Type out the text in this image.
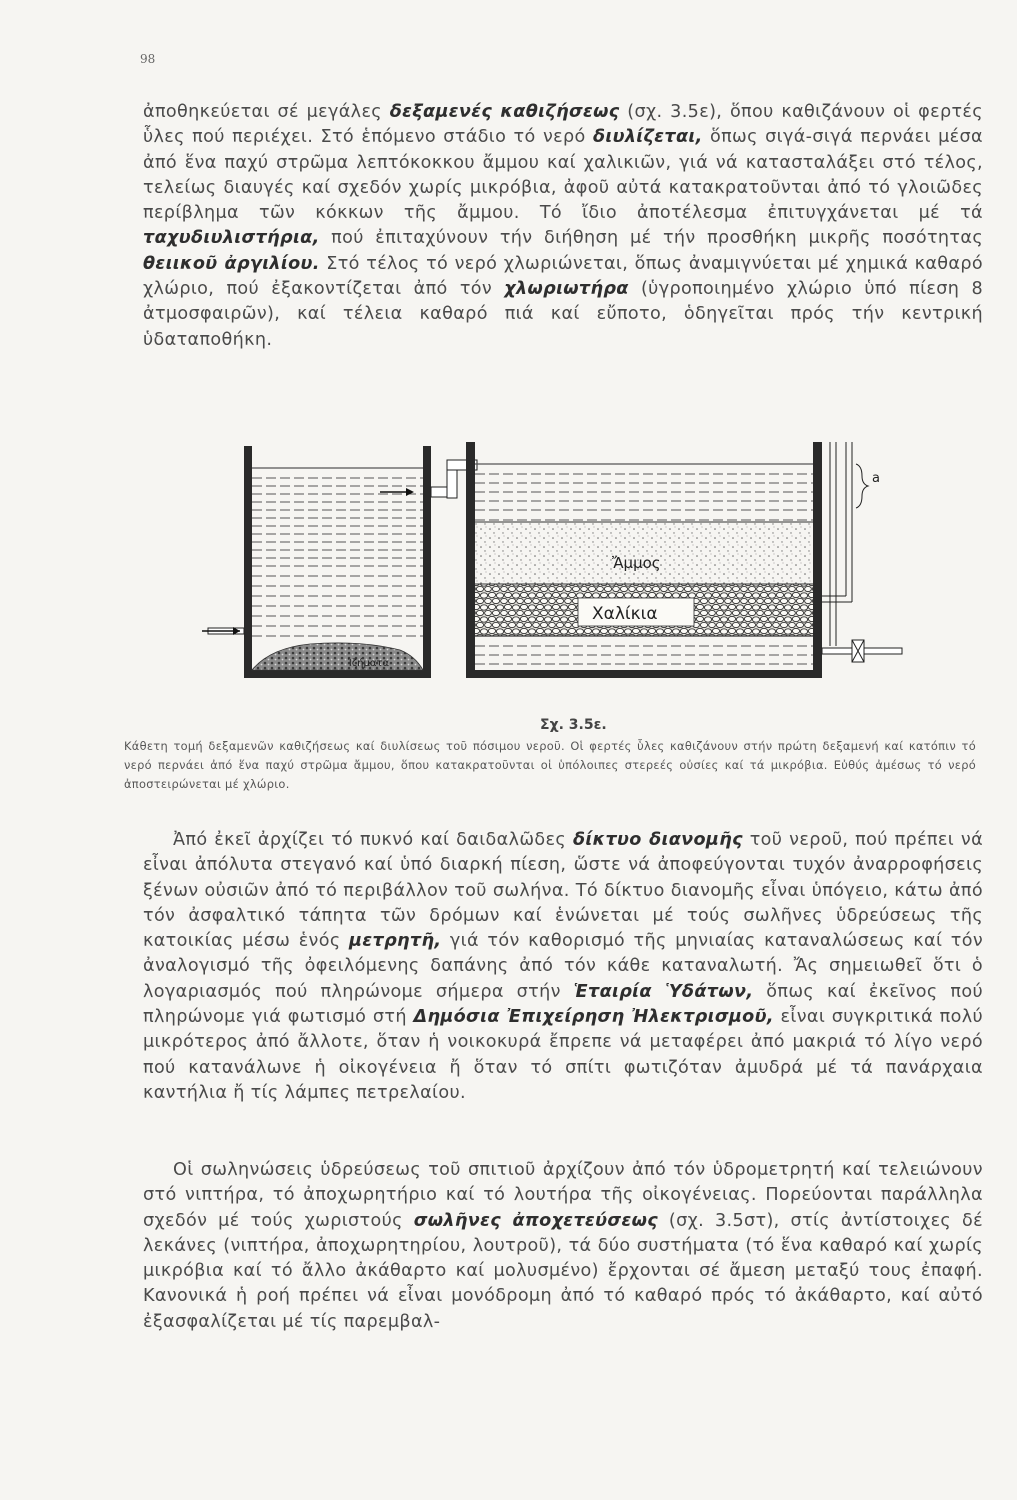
98

ἀποθηκεύεται σέ μεγάλες δεξαμενές καθιζήσεως (σχ. 3.5ε), ὅπου καθιζάνουν οἱ φερτές ὗλες πού περιέχει. Στό ἑπόμενο στάδιο τό νερό διυλίζεται, ὅπως σιγά-σιγά περνάει μέσα ἀπό ἕνα παχύ στρῶμα λεπτόκοκκου ἄμμου καί χαλικιῶν, γιά νά κατασταλάξει στό τέλος, τελείως διαυγές καί σχεδόν χωρίς μικρόβια, ἀφοῦ αὐτά κατακρατοῦνται ἀπό τό γλοιῶδες περίβλημα τῶν κόκκων τῆς ἄμμου. Τό ἴδιο ἀποτέλεσμα ἐπιτυγχάνεται μέ τά ταχυδιυλιστήρια, πού ἐπιταχύνουν τήν διήθηση μέ τήν προσθήκη μικρῆς ποσότητας θειικοῦ ἀργιλίου. Στό τέλος τό νερό χλωριώνεται, ὅπως ἀναμιγνύεται μέ χημικά καθαρό χλώριο, πού ἐξακοντίζεται ἀπό τόν χλωριωτήρα (ὑγροποιημένο χλώριο ὑπό πίεση 8 ἀτμοσφαιρῶν), καί τέλεια καθαρό πιά καί εὔποτο, ὁδηγεῖται πρός τήν κεντρική ὑδαταποθήκη.

Ἱζήματα
Ἄμμος
Χαλίκια
a
Σχ. 3.5ε.

Κάθετη τομή δεξαμενῶν καθιζήσεως καί διυλίσεως τοῦ πόσιμου νεροῦ. Οἱ φερτές ὗλες καθιζάνουν στήν πρώτη δεξαμενή καί κατόπιν τό νερό περνάει ἀπό ἕνα παχύ στρῶμα ἄμμου, ὅπου κατακρατοῦνται οἱ ὑπόλοιπες στερεές οὐσίες καί τά μικρόβια. Εὐθύς ἀμέσως τό νερό ἀποστειρώνεται μέ χλώριο.

Ἀπό ἐκεῖ ἀρχίζει τό πυκνό καί δαιδαλῶδες δίκτυο διανομῆς τοῦ νεροῦ, πού πρέπει νά εἶναι ἀπόλυτα στεγανό καί ὑπό διαρκή πίεση, ὥστε νά ἀποφεύγονται τυχόν ἀναρροφήσεις ξένων οὐσιῶν ἀπό τό περιβάλλον τοῦ σωλήνα. Τό δίκτυο διανομῆς εἶναι ὑπόγειο, κάτω ἀπό τόν ἀσφαλτικό τάπητα τῶν δρόμων καί ἑνώνεται μέ τούς σωλῆνες ὑδρεύσεως τῆς κατοικίας μέσω ἑνός μετρητῆ, γιά τόν καθορισμό τῆς μηνιαίας καταναλώσεως καί τόν ἀναλογισμό τῆς ὀφειλόμενης δαπάνης ἀπό τόν κάθε καταναλωτή. Ἄς σημειωθεῖ ὅτι ὁ λογαριασμός πού πληρώνομε σήμερα στήν Ἑταιρία Ὑδάτων, ὅπως καί ἐκεῖνος πού πληρώνομε γιά φωτισμό στή Δημόσια Ἐπιχείρηση Ἠλεκτρισμοῦ, εἶναι συγκριτικά πολύ μικρότερος ἀπό ἄλλοτε, ὅταν ἡ νοικοκυρά ἔπρεπε νά μεταφέρει ἀπό μακριά τό λίγο νερό πού κατανάλωνε ἡ οἰκογένεια ἤ ὅταν τό σπίτι φωτιζόταν ἀμυδρά μέ τά πανάρχαια καντήλια ἤ τίς λάμπες πετρελαίου.

Οἱ σωληνώσεις ὑδρεύσεως τοῦ σπιτιοῦ ἀρχίζουν ἀπό τόν ὑδρομετρητή καί τελειώνουν στό νιπτήρα, τό ἀποχωρητήριο καί τό λουτήρα τῆς οἰκογένειας. Πορεύονται παράλληλα σχεδόν μέ τούς χωριστούς σωλῆνες ἀποχετεύσεως (σχ. 3.5στ), στίς ἀντίστοιχες δέ λεκάνες (νιπτήρα, ἀποχωρητηρίου, λουτροῦ), τά δύο συστήματα (τό ἕνα καθαρό καί χωρίς μικρόβια καί τό ἄλλο ἀκάθαρτο καί μολυσμένο) ἔρχονται σέ ἄμεση μεταξύ τους ἐπαφή. Κανονικά ἡ ροή πρέπει νά εἶναι μονόδρομη ἀπό τό καθαρό πρός τό ἀκάθαρτο, καί αὐτό ἐξασφαλίζεται μέ τίς παρεμβαλ-
